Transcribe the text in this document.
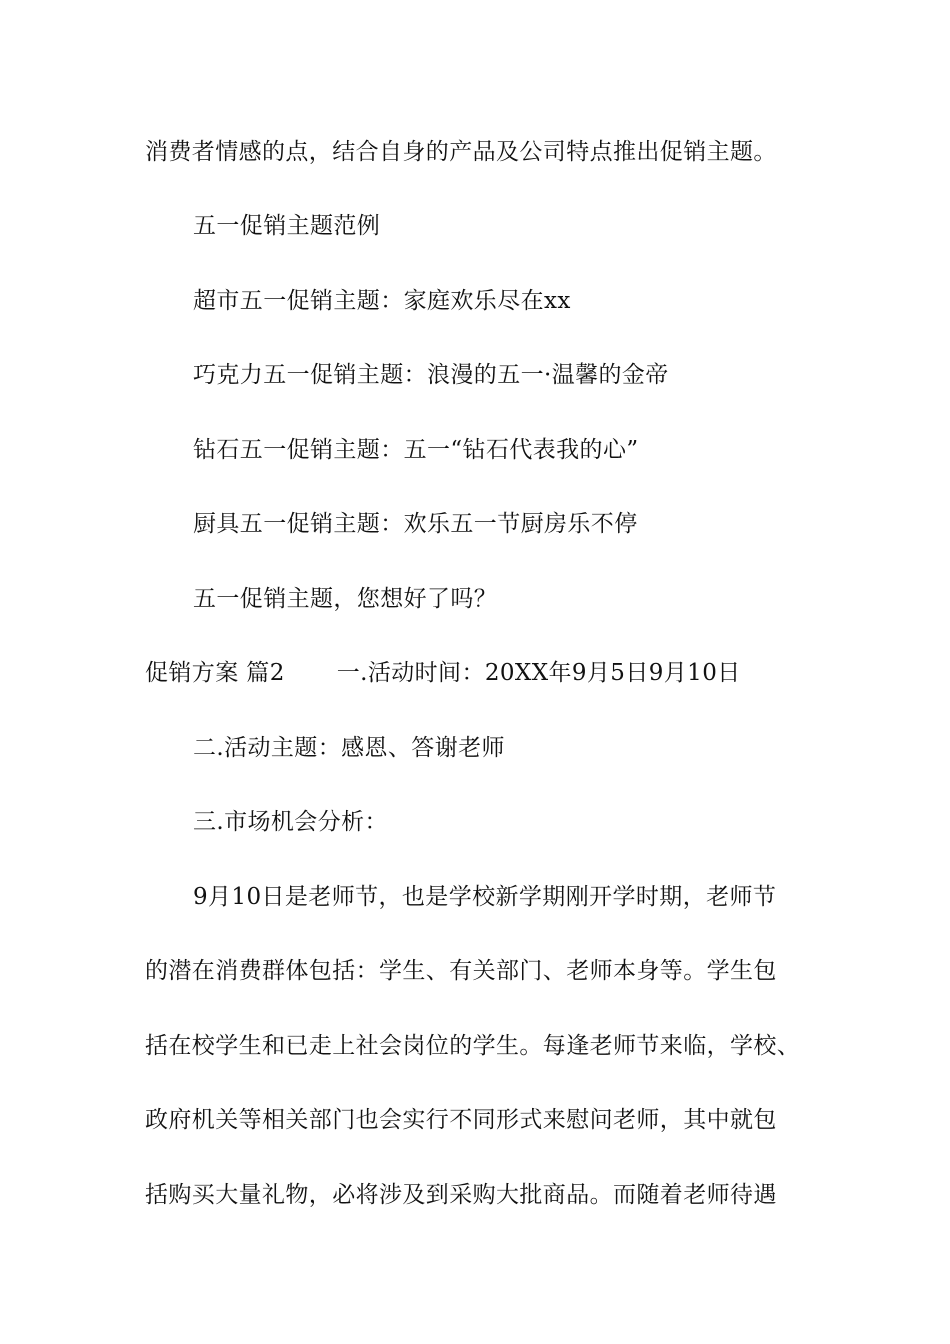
消费者情感的点，结合自身的产品及公司特点推出促销主题。
五一促销主题范例
超市五一促销主题：家庭欢乐尽在xx
巧克力五一促销主题：浪漫的五一·温馨的金帝
钻石五一促销主题：五一“钻石代表我的心”
厨具五一促销主题：欢乐五一节厨房乐不停
五一促销主题，您想好了吗？
促销方案 篇2 一.活动时间：20XX年9月5日9月10日
二.活动主题：感恩、答谢老师
三.市场机会分析：
9月10日是老师节，也是学校新学期刚开学时期，老师节
的潜在消费群体包括：学生、有关部门、老师本身等。学生包
括在校学生和已走上社会岗位的学生。每逢老师节来临，学校、
政府机关等相关部门也会实行不同形式来慰问老师，其中就包
括购买大量礼物，必将涉及到采购大批商品。而随着老师待遇
